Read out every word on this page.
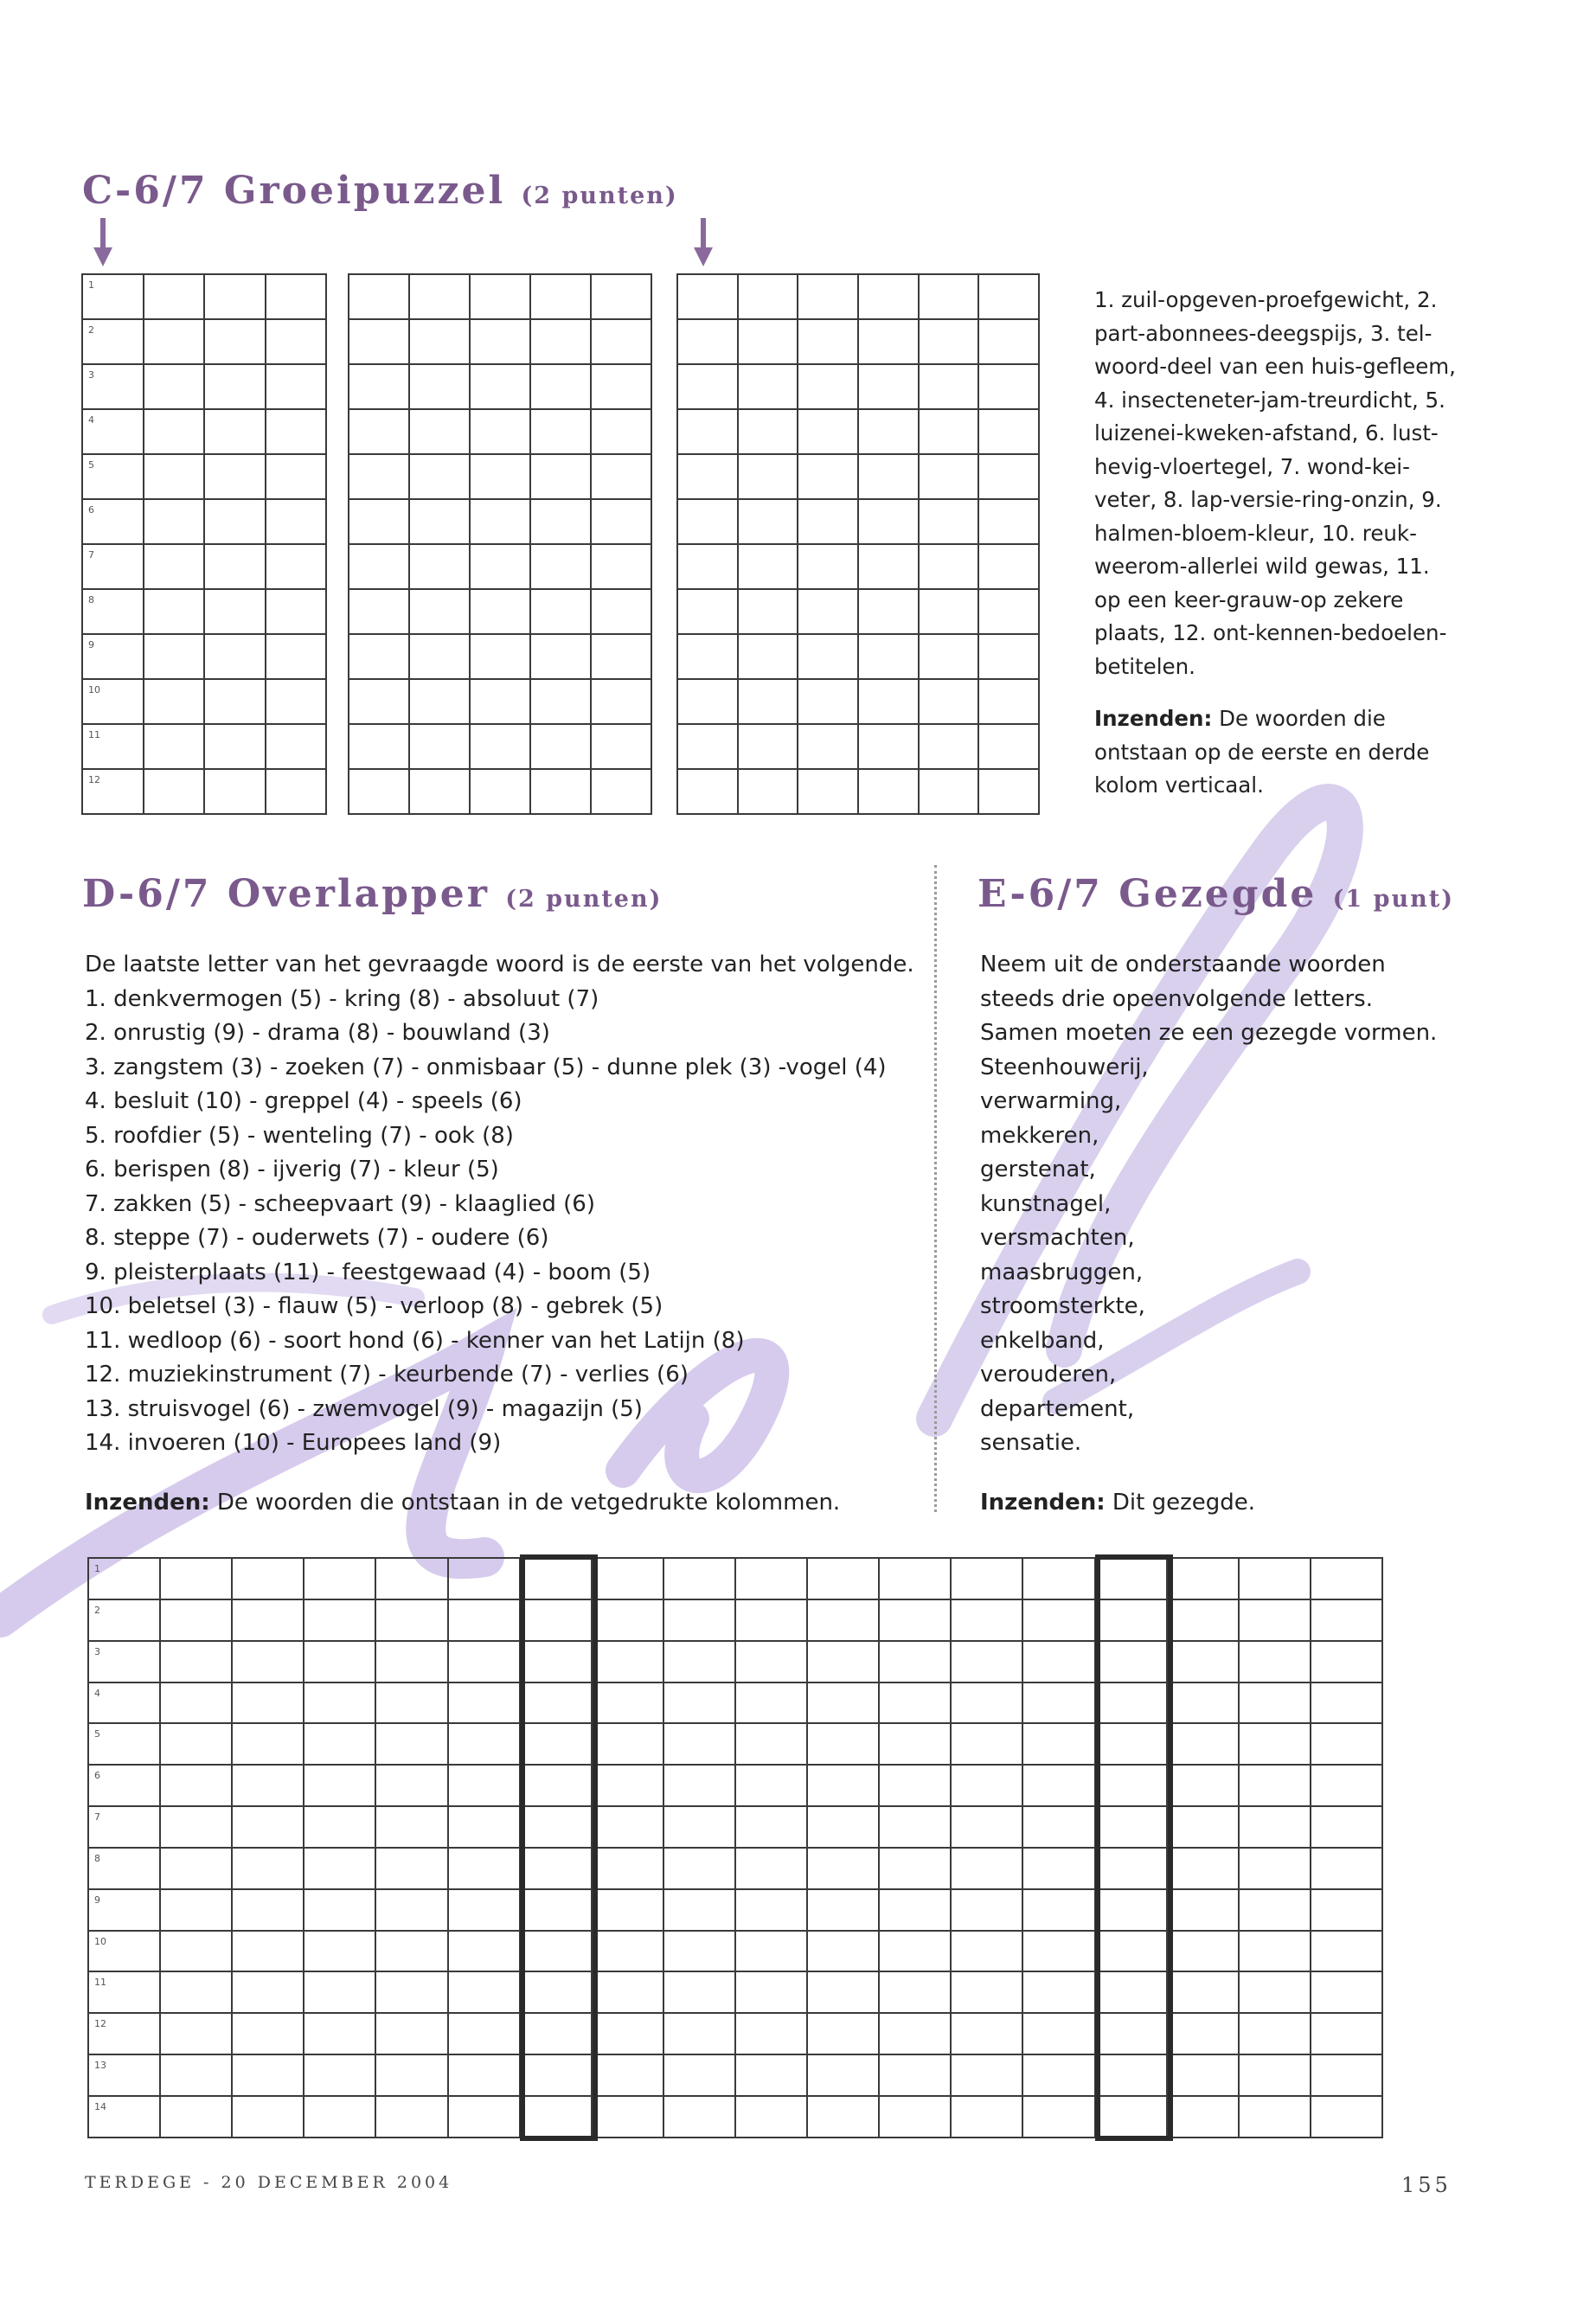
C-6/7 Groeipuzzel (2 punten)
1			

2			

3			

4			

5			

6			

7			

8			

9			

10			

11			

12			

1. zuil-opgeven-proefgewicht, 2. part-abonnees-deegspijs, 3. tel-woord-deel van een huis-gefleem, 4. insecteneter-jam-treurdicht, 5. luizenei-kweken-afstand, 6. lust-hevig-vloertegel, 7. wond-kei-veter, 8. lap-versie-ring-onzin, 9. halmen-bloem-kleur, 10. reuk-weerom-allerlei wild gewas, 11. op een keer-grauw-op zekere plaats, 12. ont-kennen-bedoelen-betitelen.
Inzenden: De woorden die ontstaan op de eerste en derde kolom verticaal.
D-6/7 Overlapper (2 punten)
De laatste letter van het gevraagde woord is de eerste van het volgende.
1. denkvermogen (5) - kring (8) - absoluut (7)
2. onrustig (9) - drama (8) - bouwland (3)
3. zangstem (3) - zoeken (7) - onmisbaar (5) - dunne plek (3) -vogel (4)
4. besluit (10) - greppel (4) - speels (6)
5. roofdier (5) - wenteling (7) - ook (8)
6. berispen (8) - ijverig (7) - kleur (5)
7. zakken (5) - scheepvaart (9) - klaaglied (6)
8. steppe (7) - ouderwets (7) - oudere (6)
9. pleisterplaats (11) - feestgewaad (4) - boom (5)
10. beletsel (3) - flauw (5) - verloop (8) - gebrek (5)
11. wedloop (6) - soort hond (6) - kenner van het Latijn (8)
12. muziekinstrument (7) - keurbende (7) - verlies (6)
13. struisvogel (6) - zwemvogel (9) - magazijn (5)
14. invoeren (10) - Europees land (9)
Inzenden: De woorden die ontstaan in de vetgedrukte kolommen.
E-6/7 Gezegde (1 punt)
Neem uit de onderstaande woorden steeds drie opeenvolgende letters. Samen moeten ze een gezegde vormen.
Steenhouwerij,
verwarming,
mekkeren,
gerstenat,
kunstnagel,
versmachten,
maasbruggen,
stroomsterkte,
enkelband,
verouderen,
departement,
sensatie.
Inzenden: Dit gezegde.
1																	

2																	

3																	

4																	

5																	

6																	

7																	

8																	

9																	

10																	

11																	

12																	

13																	

14																	

TERDEGE - 20 DECEMBER 2004	155
